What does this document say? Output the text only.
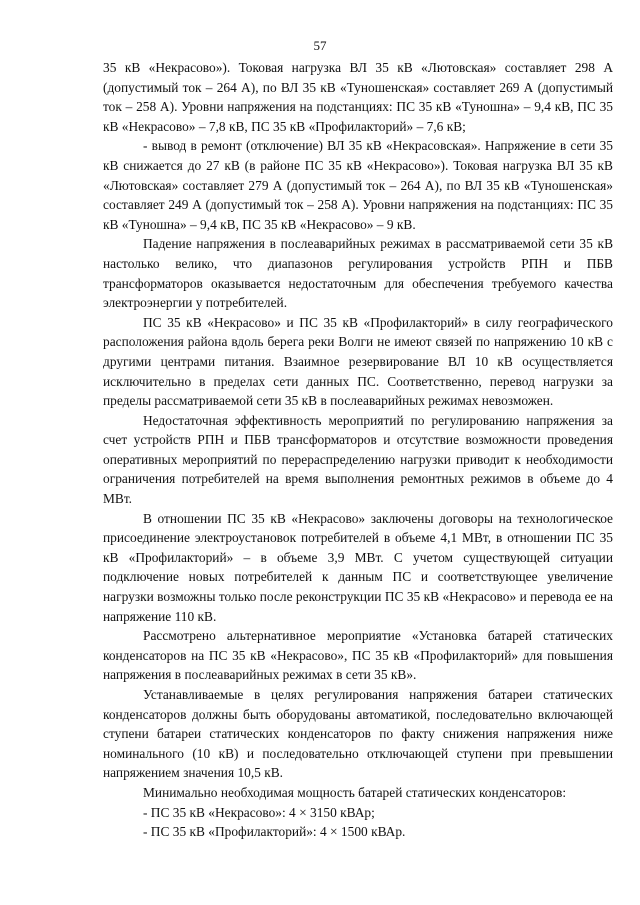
57

35 кВ «Некрасово»). Токовая нагрузка ВЛ 35 кВ «Лютовская» составляет 298 А (допустимый ток – 264 А), по ВЛ 35 кВ «Туношенская» составляет 269 А (допустимый ток – 258 А). Уровни напряжения на подстанциях: ПС 35 кВ «Туношна» – 9,4 кВ, ПС 35 кВ «Некрасово» – 7,8 кВ, ПС 35 кВ «Профилакторий» – 7,6 кВ;

- вывод в ремонт (отключение) ВЛ 35 кВ «Некрасовская». Напряжение в сети 35 кВ снижается до 27 кВ (в районе ПС 35 кВ «Некрасово»). Токовая нагрузка ВЛ 35 кВ «Лютовская» составляет 279 А (допустимый ток – 264 А), по ВЛ 35 кВ «Туношенская» составляет 249 А (допустимый ток – 258 А). Уровни напряжения на подстанциях: ПС 35 кВ «Туношна» – 9,4 кВ, ПС 35 кВ «Некрасово» – 9 кВ.

Падение напряжения в послеаварийных режимах в рассматриваемой сети 35 кВ настолько велико, что диапазонов регулирования устройств РПН и ПБВ трансформаторов оказывается недостаточным для обеспечения требуемого качества электроэнергии у потребителей.

ПС 35 кВ «Некрасово» и ПС 35 кВ «Профилакторий» в силу географического расположения района вдоль берега реки Волги не имеют связей по напряжению 10 кВ с другими центрами питания. Взаимное резервирование ВЛ 10 кВ осуществляется исключительно в пределах сети данных ПС. Соответственно, перевод нагрузки за пределы рассматриваемой сети 35 кВ в послеаварийных режимах невозможен.

Недостаточная эффективность мероприятий по регулированию напряжения за счет устройств РПН и ПБВ трансформаторов и отсутствие возможности проведения оперативных мероприятий по перераспределению нагрузки приводит к необходимости ограничения потребителей на время выполнения ремонтных режимов в объеме до 4 МВт.

В отношении ПС 35 кВ «Некрасово» заключены договоры на технологическое присоединение электроустановок потребителей в объеме 4,1 МВт, в отношении ПС 35 кВ «Профилакторий» – в объеме 3,9 МВт. С учетом существующей ситуации подключение новых потребителей к данным ПС и соответствующее увеличение нагрузки возможны только после реконструкции ПС 35 кВ «Некрасово» и перевода ее на напряжение 110 кВ.

Рассмотрено альтернативное мероприятие «Установка батарей статических конденсаторов на ПС 35 кВ «Некрасово», ПС 35 кВ «Профилакторий» для повышения напряжения в послеаварийных режимах в сети 35 кВ».

Устанавливаемые в целях регулирования напряжения батареи статических конденсаторов должны быть оборудованы автоматикой, последовательно включающей ступени батареи статических конденсаторов по факту снижения напряжения ниже номинального (10 кВ) и последовательно отключающей ступени при превышении напряжением значения 10,5 кВ.

Минимально необходимая мощность батарей статических конденсаторов:

- ПС 35 кВ «Некрасово»: 4 × 3150 кВАр;

- ПС 35 кВ «Профилакторий»: 4 × 1500 кВАр.
